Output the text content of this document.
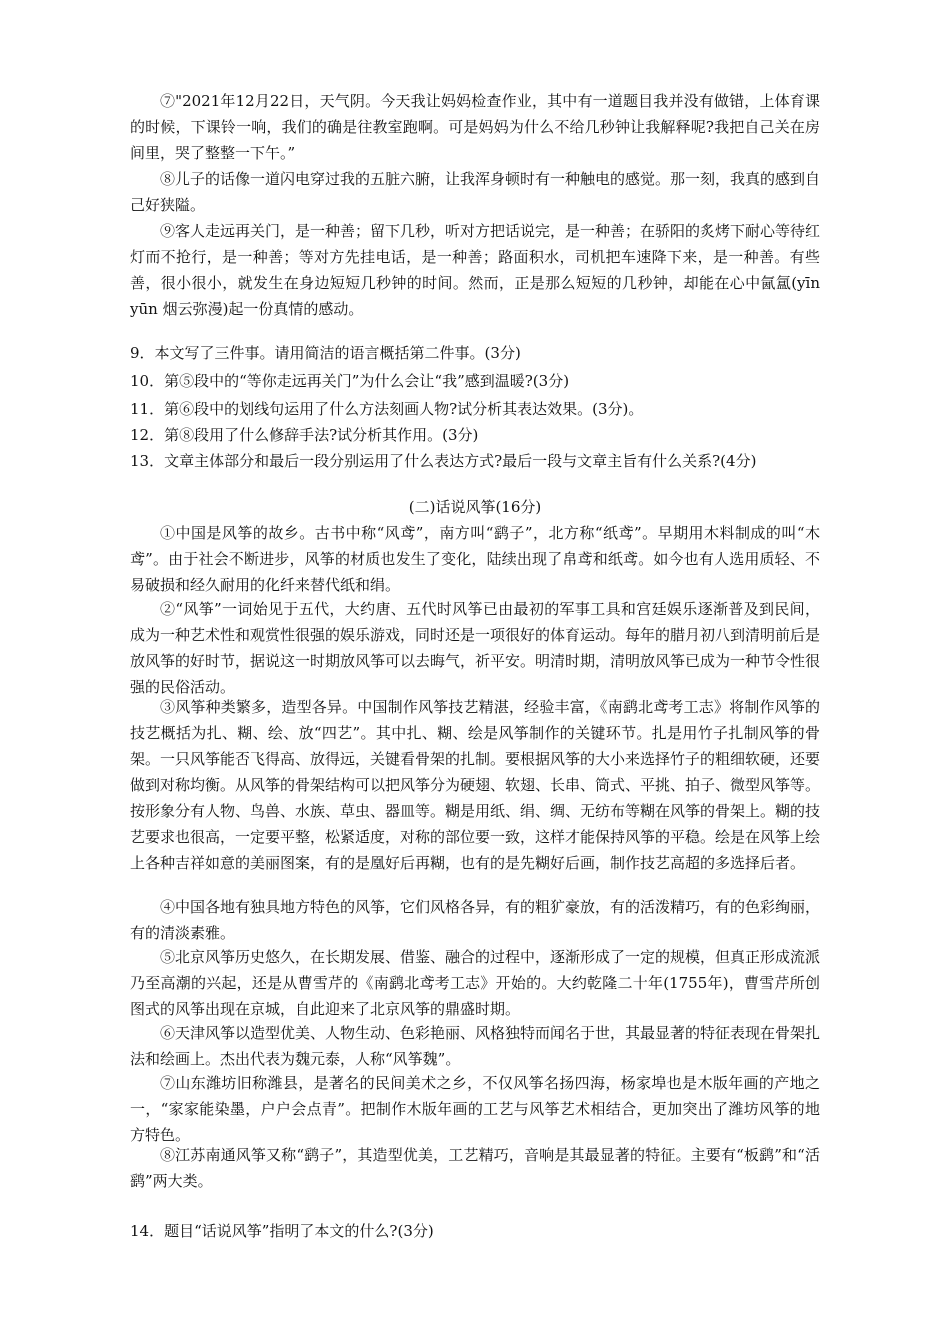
⑦"2021年12月22日，天气阴。今天我让妈妈检查作业，其中有一道题目我并没有做错，上体育课的时候，下课铃一响，我们的确是往教室跑啊。可是妈妈为什么不给几秒钟让我解释呢?我把自己关在房间里，哭了整整一下午。”

⑧儿子的话像一道闪电穿过我的五脏六腑，让我浑身顿时有一种触电的感觉。那一刻，我真的感到自己好狭隘。

⑨客人走远再关门，是一种善；留下几秒，听对方把话说完，是一种善；在骄阳的炙烤下耐心等待红灯而不抢行，是一种善；等对方先挂电话，是一种善；路面积水，司机把车速降下来，是一种善。有些善，很小很小，就发生在身边短短几秒钟的时间。然而，正是那么短短的几秒钟，却能在心中氤氲(yīn yūn 烟云弥漫)起一份真情的感动。

9．本文写了三件事。请用简洁的语言概括第二件事。(3分)

10．第⑤段中的“等你走远再关门”为什么会让“我”感到温暖?(3分)

11．第⑥段中的划线句运用了什么方法刻画人物?试分析其表达效果。(3分)。

12．第⑧段用了什么修辞手法?试分析其作用。(3分)

13．文章主体部分和最后一段分别运用了什么表达方式?最后一段与文章主旨有什么关系?(4分)

(二)话说风筝(16分)

①中国是风筝的故乡。古书中称“风鸢”，南方叫“鹞子”，北方称“纸鸢”。早期用木料制成的叫“木鸢”。由于社会不断进步，风筝的材质也发生了变化，陆续出现了帛鸢和纸鸢。如今也有人选用质轻、不易破损和经久耐用的化纤来替代纸和绢。

②“风筝”一词始见于五代，大约唐、五代时风筝已由最初的军事工具和宫廷娱乐逐渐普及到民间，成为一种艺术性和观赏性很强的娱乐游戏，同时还是一项很好的体育运动。每年的腊月初八到清明前后是放风筝的好时节，据说这一时期放风筝可以去晦气，祈平安。明清时期，清明放风筝已成为一种节令性很强的民俗活动。

③风筝种类繁多，造型各异。中国制作风筝技艺精湛，经验丰富，《南鹞北鸢考工志》将制作风筝的技艺概括为扎、糊、绘、放“四艺”。其中扎、糊、绘是风筝制作的关键环节。扎是用竹子扎制风筝的骨架。一只风筝能否飞得高、放得远，关键看骨架的扎制。要根据风筝的大小来选择竹子的粗细软硬，还要做到对称均衡。从风筝的骨架结构可以把风筝分为硬翅、软翅、长串、筒式、平挑、拍子、微型风筝等。按形象分有人物、鸟兽、水族、草虫、器皿等。糊是用纸、绢、绸、无纺布等糊在风筝的骨架上。糊的技艺要求也很高，一定要平整，松紧适度，对称的部位要一致，这样才能保持风筝的平稳。绘是在风筝上绘上各种吉祥如意的美丽图案，有的是凰好后再糊，也有的是先糊好后画，制作技艺高超的多选择后者。

④中国各地有独具地方特色的风筝，它们风格各异，有的粗犷豪放，有的活泼精巧，有的色彩绚丽，有的清淡素雅。

⑤北京风筝历史悠久，在长期发展、借鉴、融合的过程中，逐渐形成了一定的规模，但真正形成流派乃至高潮的兴起，还是从曹雪芹的《南鹞北鸢考工志》开始的。大约乾隆二十年(1755年)，曹雪芹所创图式的风筝出现在京城，自此迎来了北京风筝的鼎盛时期。

⑥天津风筝以造型优美、人物生动、色彩艳丽、风格独特而闻名于世，其最显著的特征表现在骨架扎法和绘画上。杰出代表为魏元泰，人称“风筝魏”。

⑦山东潍坊旧称潍县，是著名的民间美术之乡，不仅风筝名扬四海，杨家埠也是木版年画的产地之一，“家家能染墨，户户会点青”。把制作木版年画的工艺与风筝艺术相结合，更加突出了潍坊风筝的地方特色。

⑧江苏南通风筝又称“鹞子”，其造型优美，工艺精巧，音响是其最显著的特征。主要有“板鹞”和“活鹞”两大类。

14．题目“话说风筝”指明了本文的什么?(3分)
